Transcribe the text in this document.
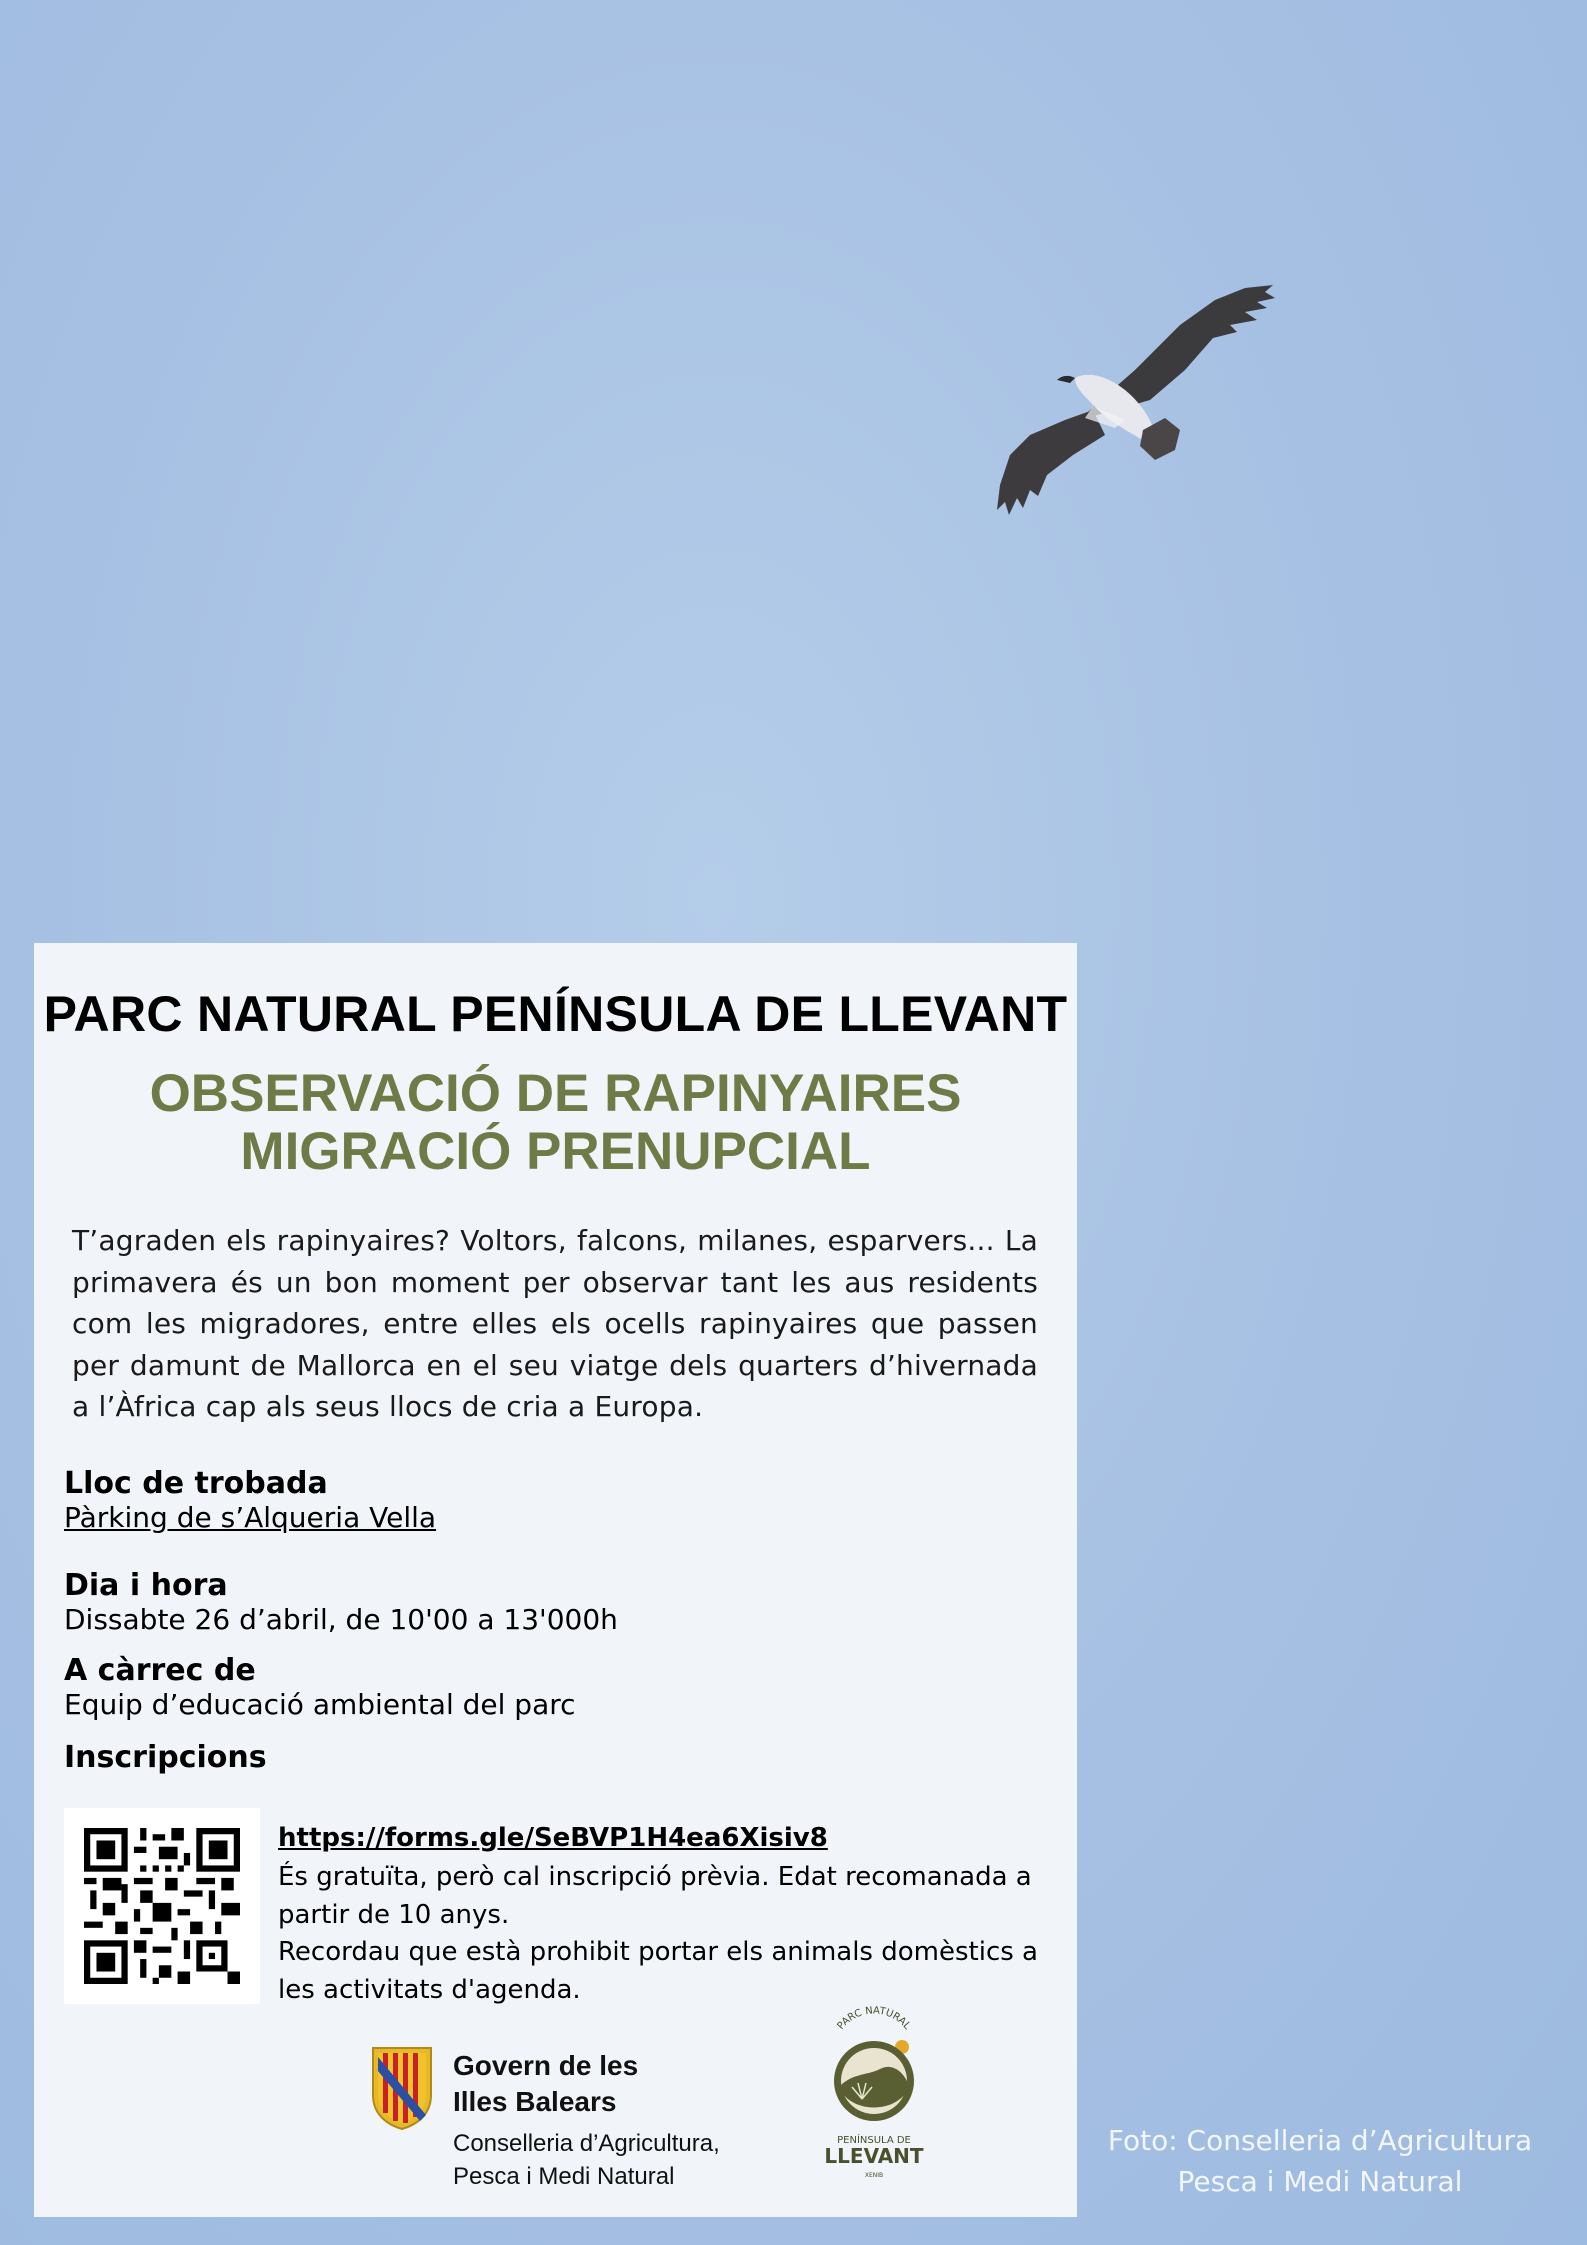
PARC NATURAL PENÍNSULA DE LLEVANT
OBSERVACIÓ DE RAPINYAIRES
MIGRACIÓ PRENUPCIAL
T’agraden els rapinyaires? Voltors, falcons, milanes, esparvers... La primavera és un bon moment per observar tant les aus residents com les migradores, entre elles els ocells rapinyaires que passen per damunt de Mallorca en el seu viatge dels quarters d’hivernada a l’Àfrica cap als seus llocs de cria a Europa.
Lloc de trobada
Pàrking de s’Alqueria Vella
Dia i hora
Dissabte 26 d’abril, de 10'00 a 13'000h
A càrrec de
Equip d’educació ambiental del parc
Inscripcions
https://forms.gle/SeBVP1H4ea6Xisiv8
És gratuïta, però cal inscripció prèvia. Edat recomanada a partir de 10 anys.
Recordau que està prohibit portar els animals domèstics a les activitats d'agenda.
Govern de les
Illes Balears
Conselleria d’Agricultura,
Pesca i Medi Natural
PARC NATURAL
PENÍNSULA DE
LLEVANT
XENIB
Foto: Conselleria d’Agricultura
Pesca i Medi Natural
